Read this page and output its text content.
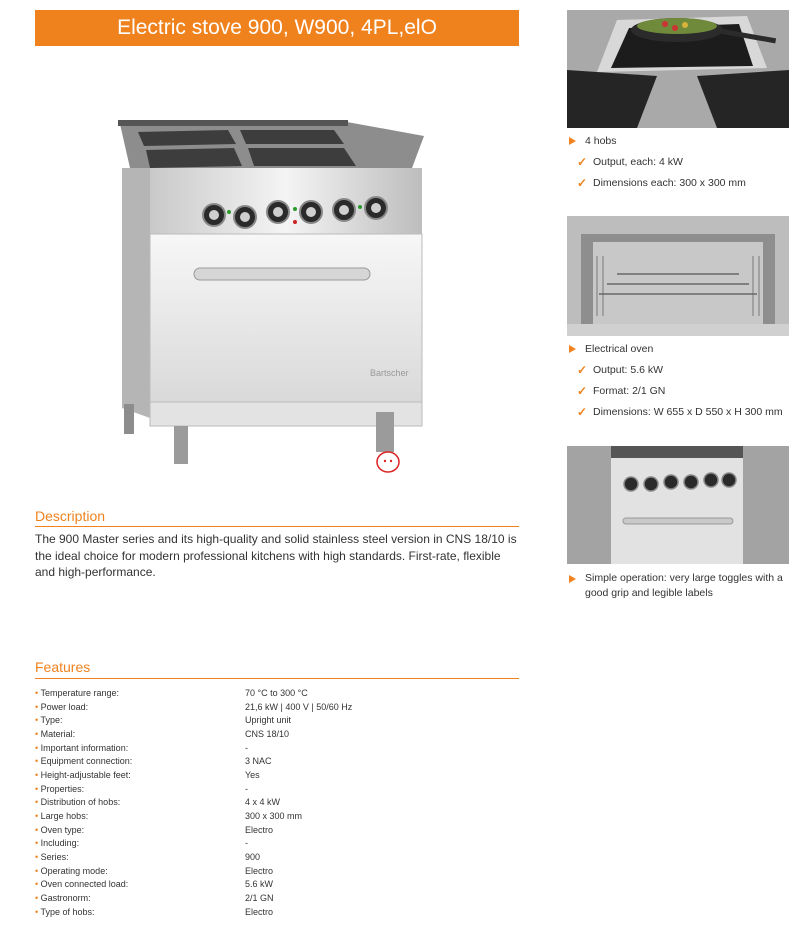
Electric stove 900, W900, 4PL,elO
Bartscher
Description
The 900 Master series and its high-quality and solid stainless steel version in CNS 18/10 is the ideal choice for modern professional kitchens with high standards. First-rate, flexible and high-performance.
Features
• Temperature range:	70 °C to 300 °C
• Power load:	21,6 kW | 400 V | 50/60 Hz
• Type:	Upright unit
• Material:	CNS 18/10
• Important information:	-
• Equipment connection:	3 NAC
• Height-adjustable feet:	Yes
• Properties:	-
• Distribution of hobs:	4 x 4 kW
• Large hobs:	300 x 300 mm
• Oven type:	Electro
• Including:	-
• Series:	900
• Operating mode:	Electro
• Oven connected load:	5.6 kW
• Gastronorm:	2/1 GN
• Type of hobs:	Electro
4 hobs
✓ Output, each: 4 kW
✓ Dimensions each: 300 x 300 mm
Electrical oven
✓ Output: 5.6 kW
✓ Format: 2/1 GN
✓ Dimensions: W 655 x D 550 x H 300 mm
Simple operation: very large toggles with a good grip and legible labels
